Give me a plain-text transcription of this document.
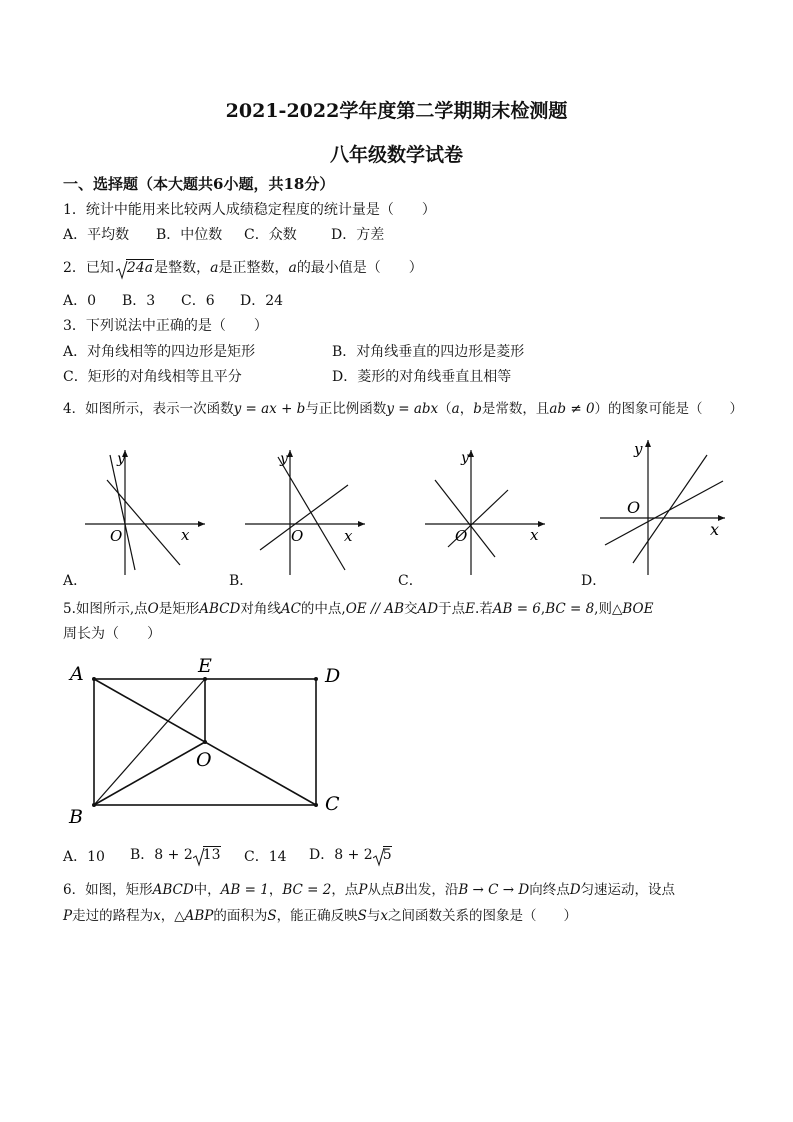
2021-2022学年度第二学期期末检测题
八年级数学试卷
一、选择题（本大题共6小题，共18分）
1．统计中能用来比较两人成绩稳定程度的统计量是（　　）
A．平均数 B．中位数 C．众数 D．方差
2．已知 24a是整数，a是正整数，a的最小值是（　　）
A．0 B．3 C．6 D．24
3．下列说法中正确的是（　　）
A．对角线相等的四边形是矩形	B．对角线垂直的四边形是菱形
C．矩形的对角线相等且平分	D．菱形的对角线垂直且相等
4．如图所示，表示一次函数y = ax + b与正比例函数y = abx（a，b是常数，且ab ≠ 0）的图象可能是（　　）
y
x
O
y
x
O
y
x
O
y
x
O
A．	B．	C．	D．
5.如图所示,点O是矩形ABCD对角线AC的中点,OE // AB交AD于点E.若AB = 6,BC = 8,则△BOE
周长为（　　）
A	E	D
O
B
C
A．10 B．8 + 2 13 C．14 D．8 + 2 5
6．如图，矩形ABCD中，AB = 1，BC = 2，点P从点B出发，沿B → C → D向终点D匀速运动，设点
P走过的路程为x，△ABP的面积为S，能正确反映S与x之间函数关系的图象是（　　）
